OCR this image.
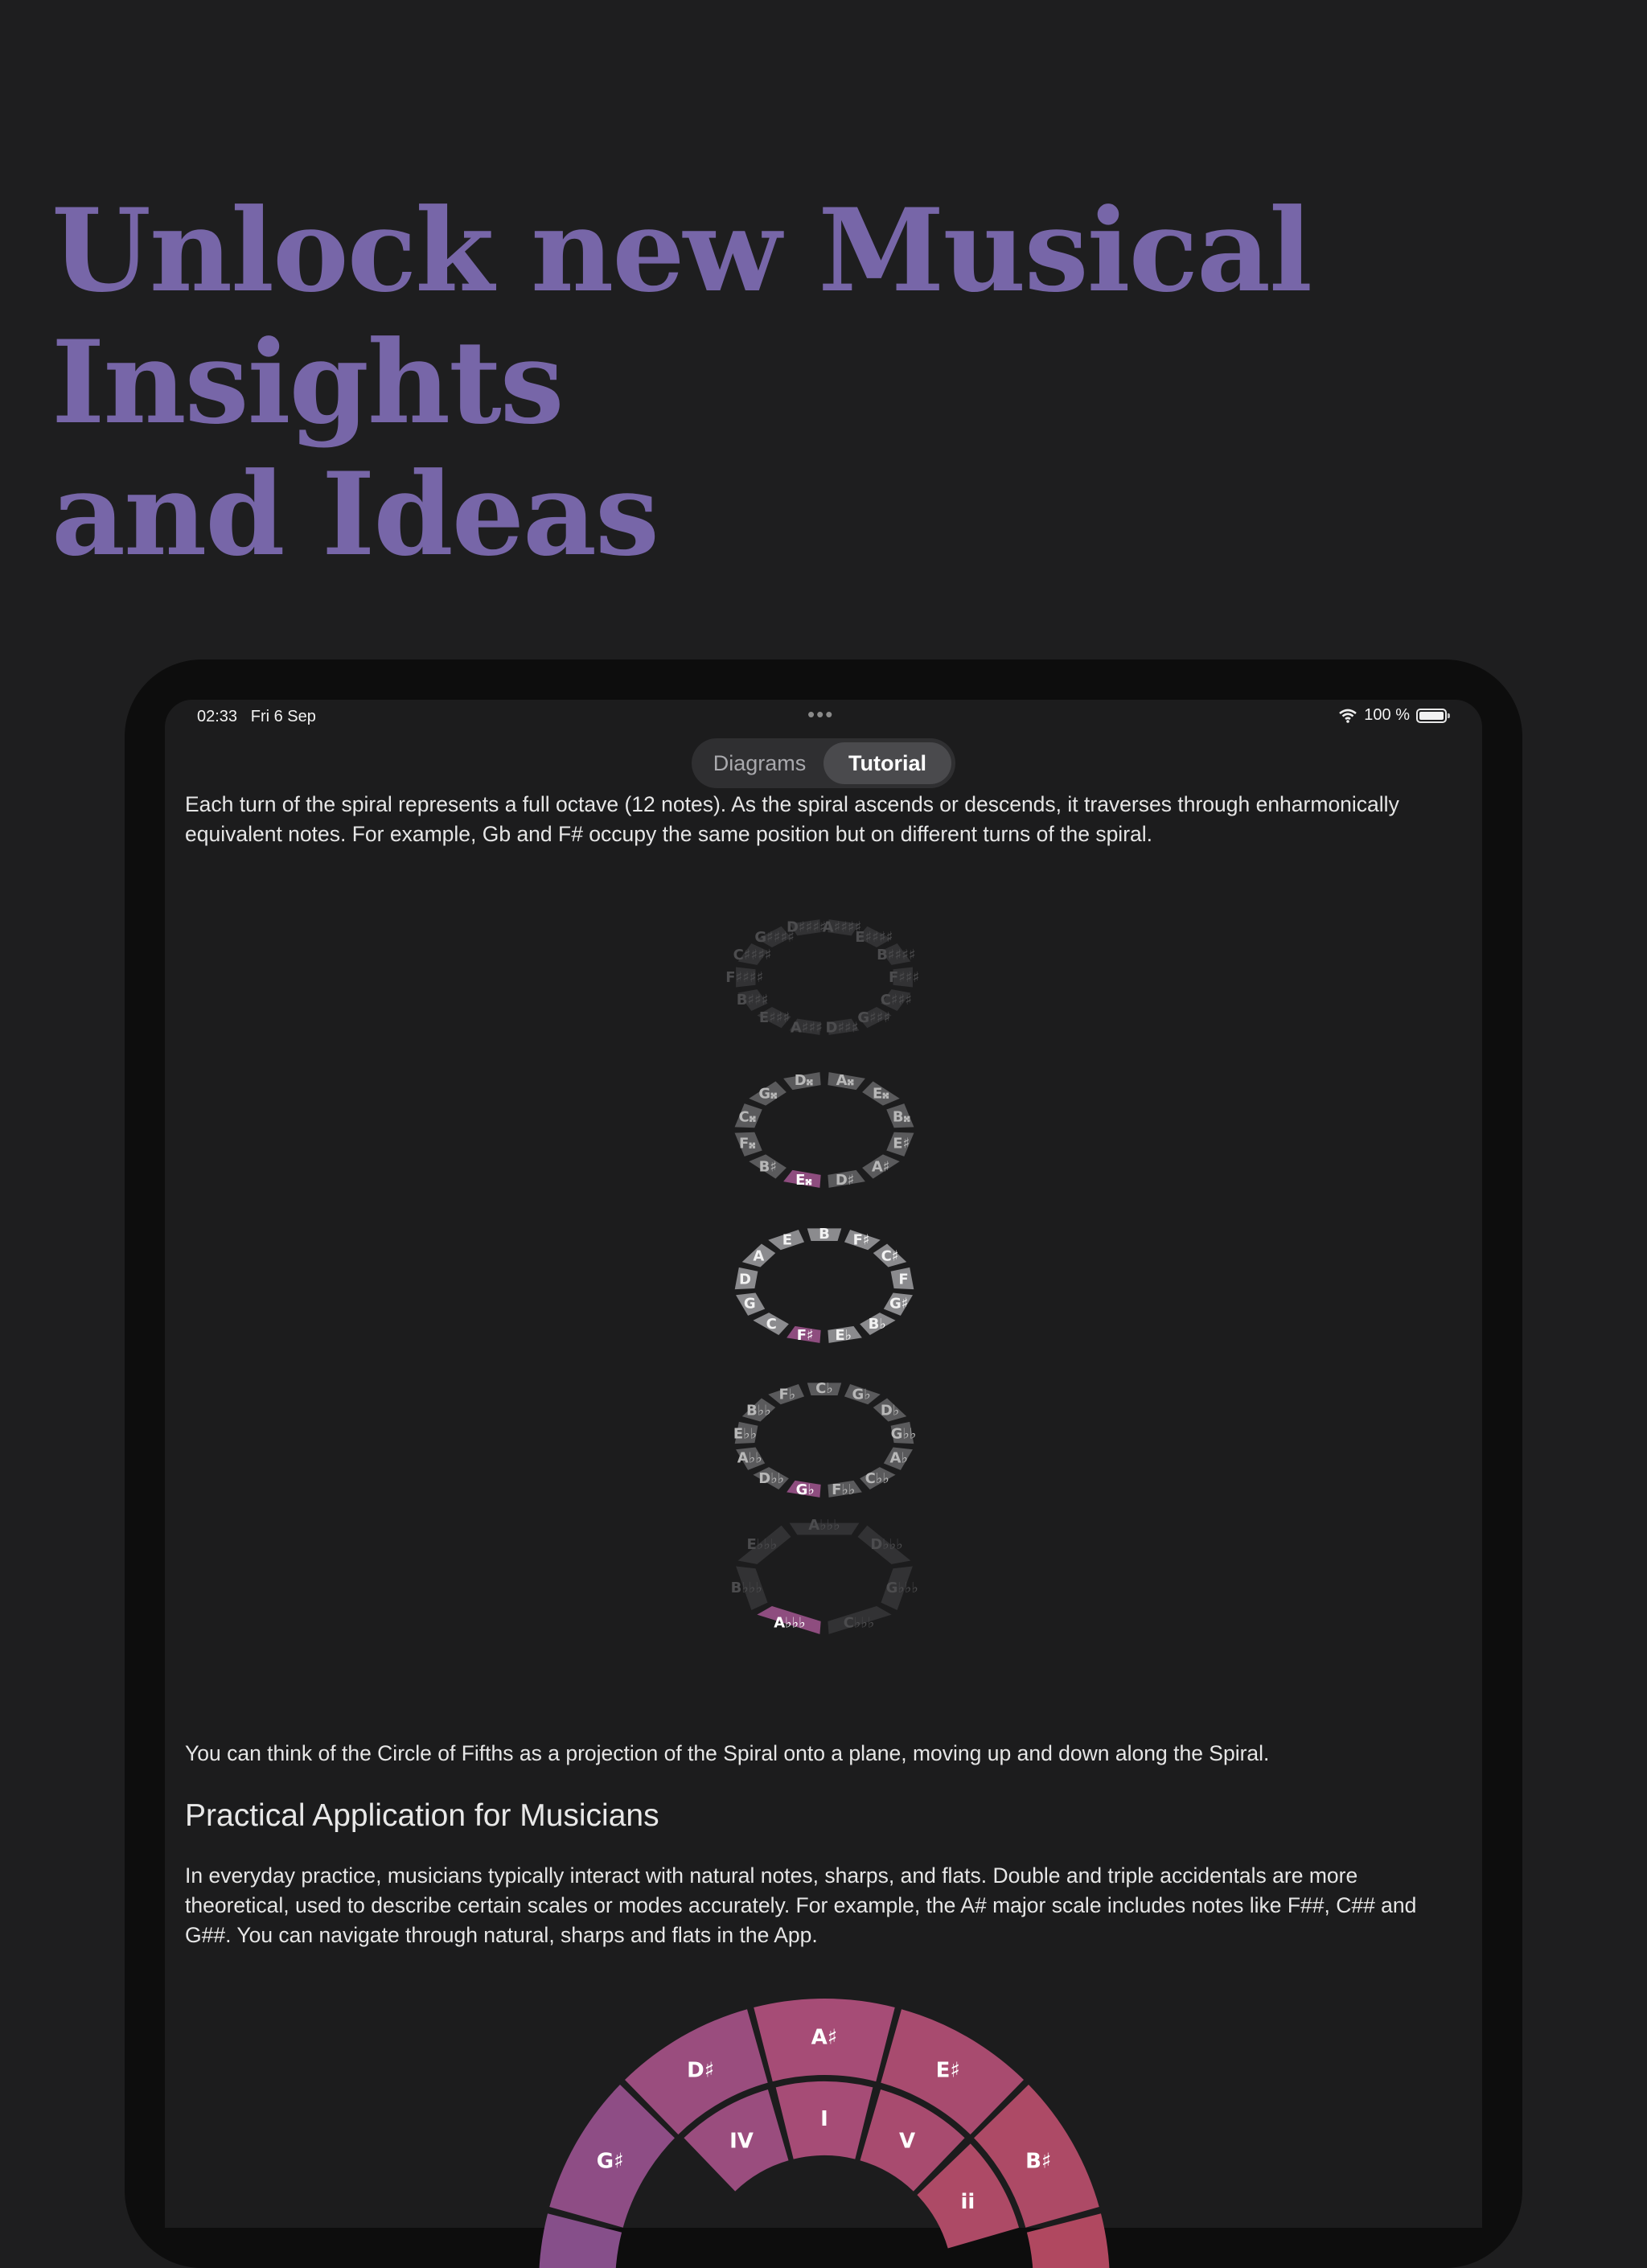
Unlock new Musical Insights
and Ideas
02:33 Fri 6 Sep	•••	100 %
Diagrams	Tutorial
Each turn of the spiral represents a full octave (12 notes). As the spiral ascends or descends, it traverses through enharmonically equivalent notes. For example, Gb and F# occupy the same position but on different turns of the spiral.
A♯♯♯
E♯♯♯
B♯♯♯
F♯♯♯♯
C♯♯♯♯
G♯♯♯♯
D♯♯♯♯
A♯♯♯♯
E♯♯♯♯
B♯♯♯♯
F♯♯♯
C♯♯♯
G♯♯♯
D♯♯♯
E𝄪
B♯
F𝄪
C𝄪
G𝄪
D𝄪 A𝄪
E𝄪
B𝄪
E♯
A♯
D♯
F♯
C
G
D
A
E B F♯
C♯
F
G♯
B♭
E♭
G♭
D♭♭
A♭♭
E♭♭
B♭♭
F♭ C♭ G♭
D♭
G♭♭
A♭
C♭♭
F♭♭
A♭♭♭
B♭♭♭
E♭♭♭
A♭♭♭
D♭♭♭
G♭♭♭
C♭♭♭
You can think of the Circle of Fifths as a projection of the Spiral onto a plane, moving up and down along the Spiral.
Practical Application for Musicians
In everyday practice, musicians typically interact with natural notes, sharps, and flats. Double and triple accidentals are more theoretical, used to describe certain scales or modes accurately. For example, the A# major scale includes notes like F##, C## and G##. You can navigate through natural, sharps and flats in the App.
G♯
D♯
A♯
E♯
B♯
IV
I
V
ii
